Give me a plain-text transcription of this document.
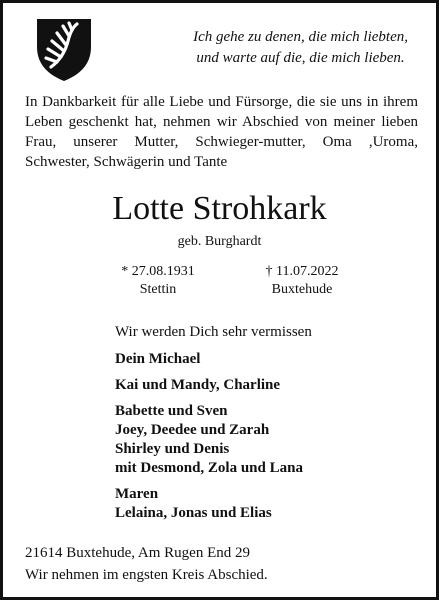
Ich gehe zu denen, die mich liebten,
und warte auf die, die mich lieben.
In Dankbarkeit für alle Liebe und Fürsorge, die sie uns in ihrem Leben geschenkt hat, nehmen wir Abschied von meiner lieben Frau, unserer Mutter, Schwieger-mutter, Oma ,Uroma, Schwester, Schwägerin und Tante
Lotte Strohkark
geb. Burghardt
* 27.08.1931
Stettin
† 11.07.2022
Buxtehude
Wir werden Dich sehr vermissen
Dein Michael
Kai und Mandy, Charline
Babette und Sven
Joey, Deedee und Zarah
Shirley und Denis
mit Desmond, Zola und Lana
Maren
Lelaina, Jonas und Elias
21614 Buxtehude, Am Rugen End 29
Wir nehmen im engsten Kreis Abschied.
